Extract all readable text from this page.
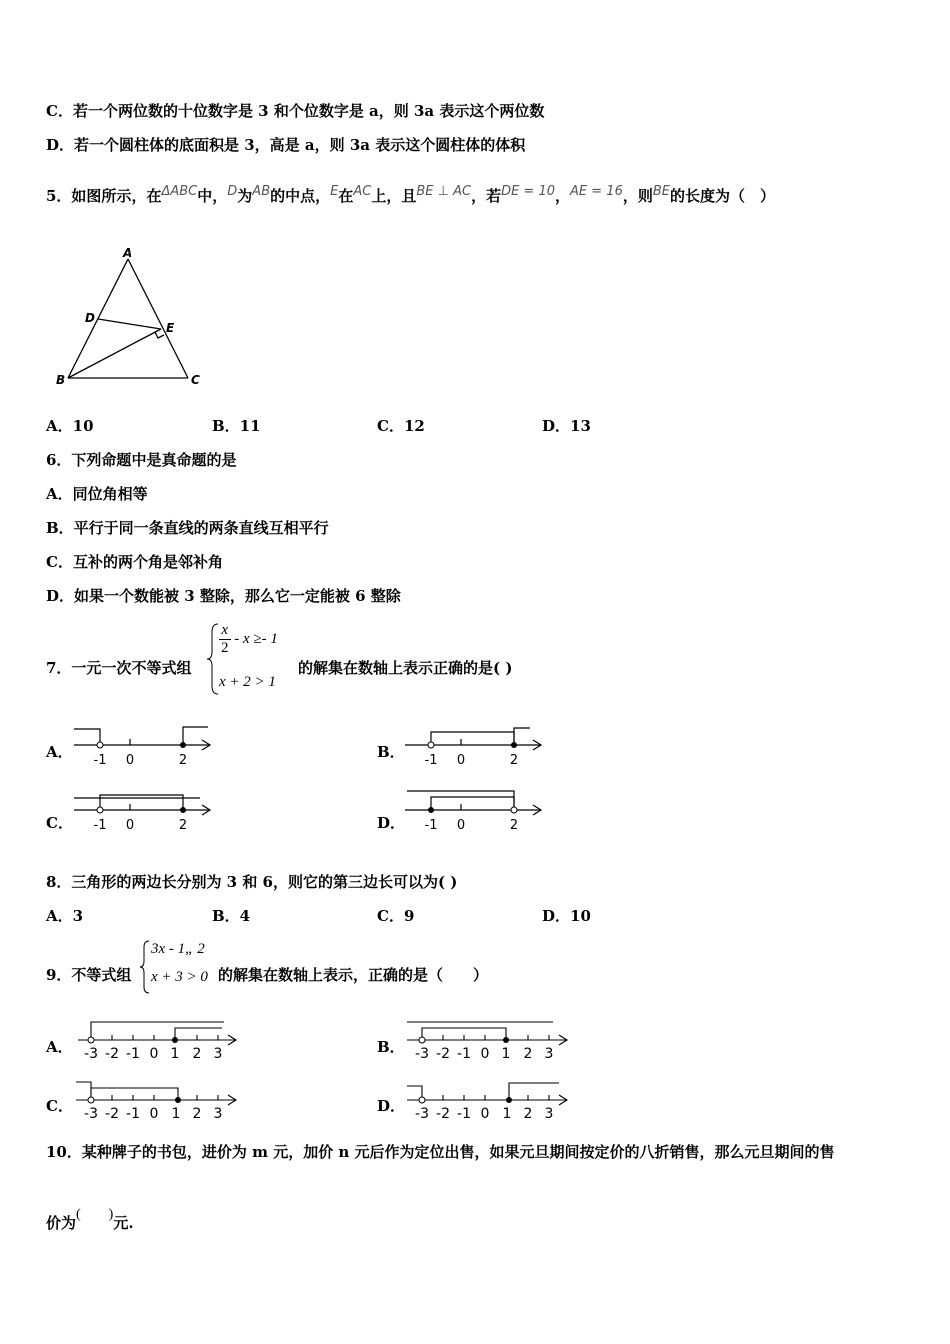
C．若一个两位数的十位数字是 3 和个位数字是 a，则 3a 表示这个两位数
D．若一个圆柱体的底面积是 3，高是 a，则 3a 表示这个圆柱体的体积
5．如图所示，在ΔABC中，D为AB的中点，E在AC上，且BE ⊥ AC，若DE = 10，AE = 16，则BE的长度为（　）
A
B	C
D
E
A．10	B．11	C．12	D．13
6．下列命题中是真命题的是
A．同位角相等
B．平行于同一条直线的两条直线互相平行
C．互补的两个角是邻补角
D．如果一个数能被 3 整除，那么它一定能被 6 整除
7．一元一次不等式组
$\frac{x}{2} - x \ge- 1$
x + 2 > 1
的解集在数轴上表示正确的是( )
A．	B．
C．	D．
-1 0	2	-1 0	2
-1 0	2	-1 0	2
8．三角形的两边长分别为 3 和 6，则它的第三边长可以为( )
A．3	B．4	C．9	D．10
9．不等式组
3x - 1„ 2
x + 3 > 0 的解集在数轴上表示，正确的是（　　）
A．	B．
C．	D．
-3 -2 -1 0 1 2 3	-3 -2 -1 0 1 2 3
-3 -2 -1 0 1 2 3	-3 -2 -1 0 1 2 3
10．某种牌子的书包，进价为 m 元，加价 n 元后作为定位出售，如果元旦期间按定价的八折销售，那么元旦期间的售
价为(　　)元.
